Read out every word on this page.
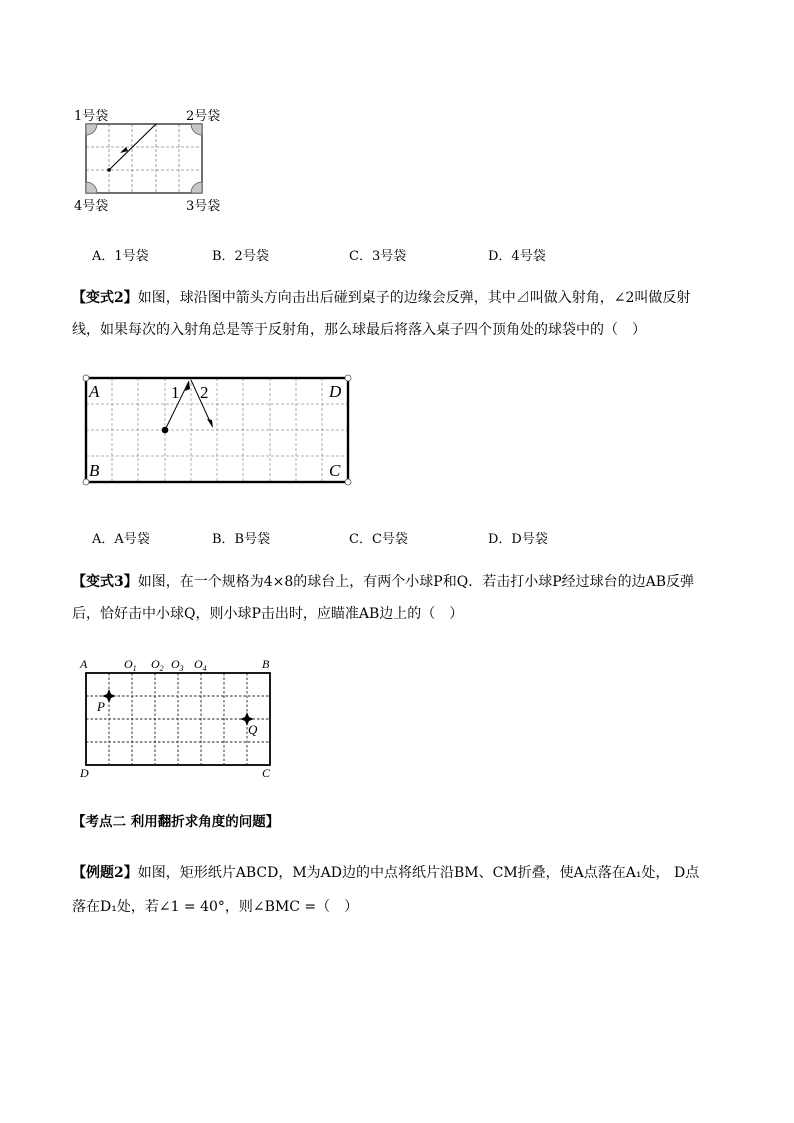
1号袋	2号袋
4号袋	3号袋
A．1号袋	B．2号袋	C．3号袋	D．4号袋
【变式2】如图，球沿图中箭头方向击出后碰到桌子的边缘会反弹，其中⊿叫做入射角，∠2叫做反射
线，如果每次的入射角总是等于反射角，那么球最后将落入桌子四个顶角处的球袋中的（　）
A	D
B	C
1 2
A．A号袋	B．B号袋	C．C号袋	D．D号袋
【变式3】如图，在一个规格为4×8的球台上，有两个小球P和Q．若击打小球P经过球台的边AB反弹
后，恰好击中小球Q，则小球P击出时，应瞄准AB边上的（　）
A	B
D	C
$O_1$ $O_2$ $O_3$ $O_4$
P
Q
【考点二 利用翻折求角度的问题】
【例题2】如图，矩形纸片ABCD，M为AD边的中点将纸片沿BM、CM折叠，使A点落在A₁处， D点
落在D₁处，若∠1 = 40°，则∠BMC =（　）
